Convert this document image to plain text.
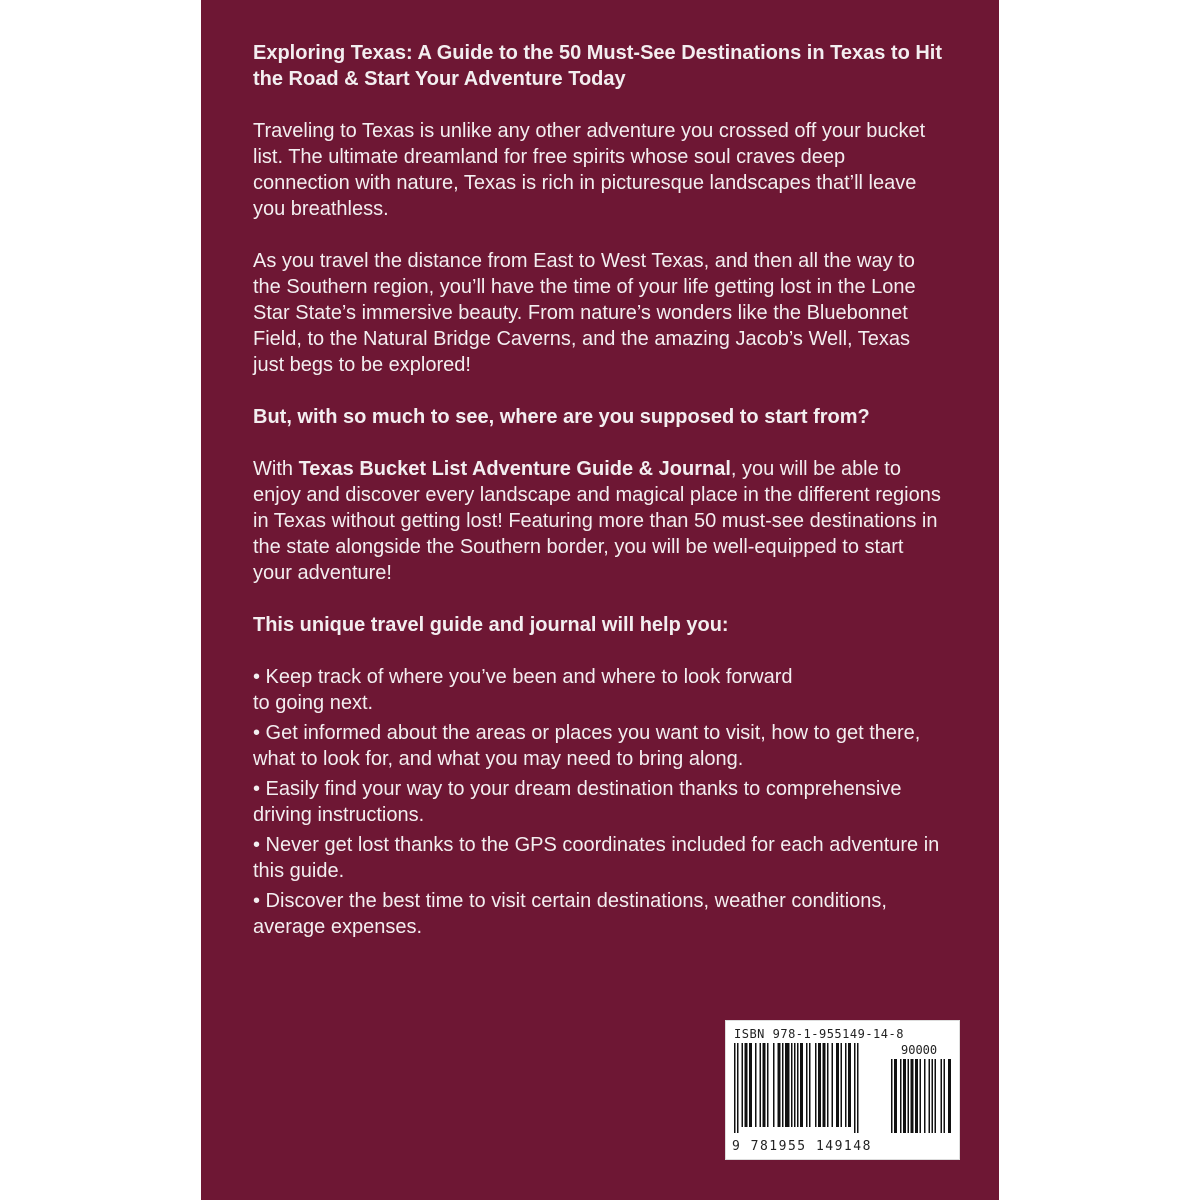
Exploring Texas: A Guide to the 50 Must-See Destinations in Texas to Hit the Road & Start Your Adventure Today

Traveling to Texas is unlike any other adventure you crossed off your bucket list. The ultimate dreamland for free spirits whose soul craves deep connection with nature, Texas is rich in picturesque landscapes that’ll leave you breathless.

As you travel the distance from East to West Texas, and then all the way to the Southern region, you’ll have the time of your life getting lost in the Lone Star State’s immersive beauty. From nature’s wonders like the Bluebonnet Field, to the Natural Bridge Caverns, and the amazing Jacob’s Well, Texas just begs to be explored!

But, with so much to see, where are you supposed to start from?

With Texas Bucket List Adventure Guide & Journal, you will be able to enjoy and discover every landscape and magical place in the different regions in Texas without getting lost! Featuring more than 50 must-see destinations in the state alongside the Southern border, you will be well-equipped to start your adventure!

This unique travel guide and journal will help you:

• Keep track of where you’ve been and where to look forward to going next.
• Get informed about the areas or places you want to visit, how to get there, what to look for, and what you may need to bring along.
• Easily find your way to your dream destination thanks to comprehensive driving instructions.
• Never get lost thanks to the GPS coordinates included for each adventure in this guide.
• Discover the best time to visit certain destinations, weather conditions, average expenses.
ISBN 978-1-955149-14-8
90000
9 781955 149148
